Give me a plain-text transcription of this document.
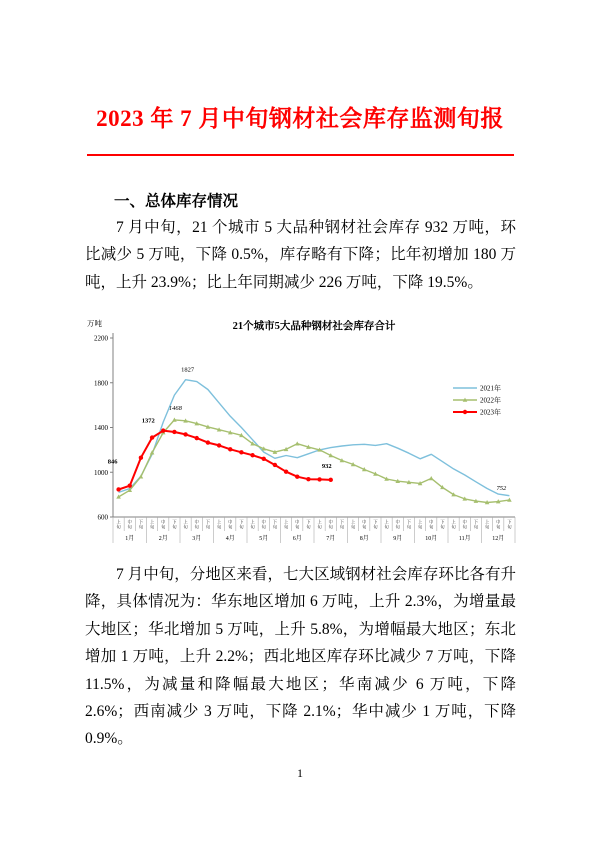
2023 年 7 月中旬钢材社会库存监测旬报
一、总体库存情况

7 月中旬，21 个城市 5 大品种钢材社会库存 932 万吨，环比减少 5 万吨，下降 0.5%，库存略有下降；比年初增加 180 万吨，上升 23.9%；比上年同期减少 226 万吨，下降 19.5%。

21个城市5大品种钢材社会库存合计
万吨
2200
1800
1400
1000
600
上旬
中旬
下旬
上旬
中旬
下旬
上旬
中旬
下旬
上旬
中旬
下旬
上旬
中旬
下旬
上旬
中旬
下旬
上旬
中旬
下旬
上旬
中旬
下旬
上旬
中旬
下旬
上旬
中旬
下旬
上旬
中旬
下旬
上旬
中旬
下旬
1月	2月	3月	4月	5月	6月	7月	8月	9月	10月	11月	12月
846
1372
1468
1827
932
752
2021年
2022年
2023年

7 月中旬，分地区来看，七大区域钢材社会库存环比各有升降，具体情况为：华东地区增加 6 万吨，上升 2.3%，为增量最大地区；华北增加 5 万吨，上升 5.8%，为增幅最大地区；东北增加 1 万吨，上升 2.2%；西北地区库存环比减少 7 万吨，下降 11.5%，为减量和降幅最大地区；华南减少 6 万吨，下降 2.6%；西南减少 3 万吨，下降 2.1%；华中减少 1 万吨，下降 0.9%。

1
